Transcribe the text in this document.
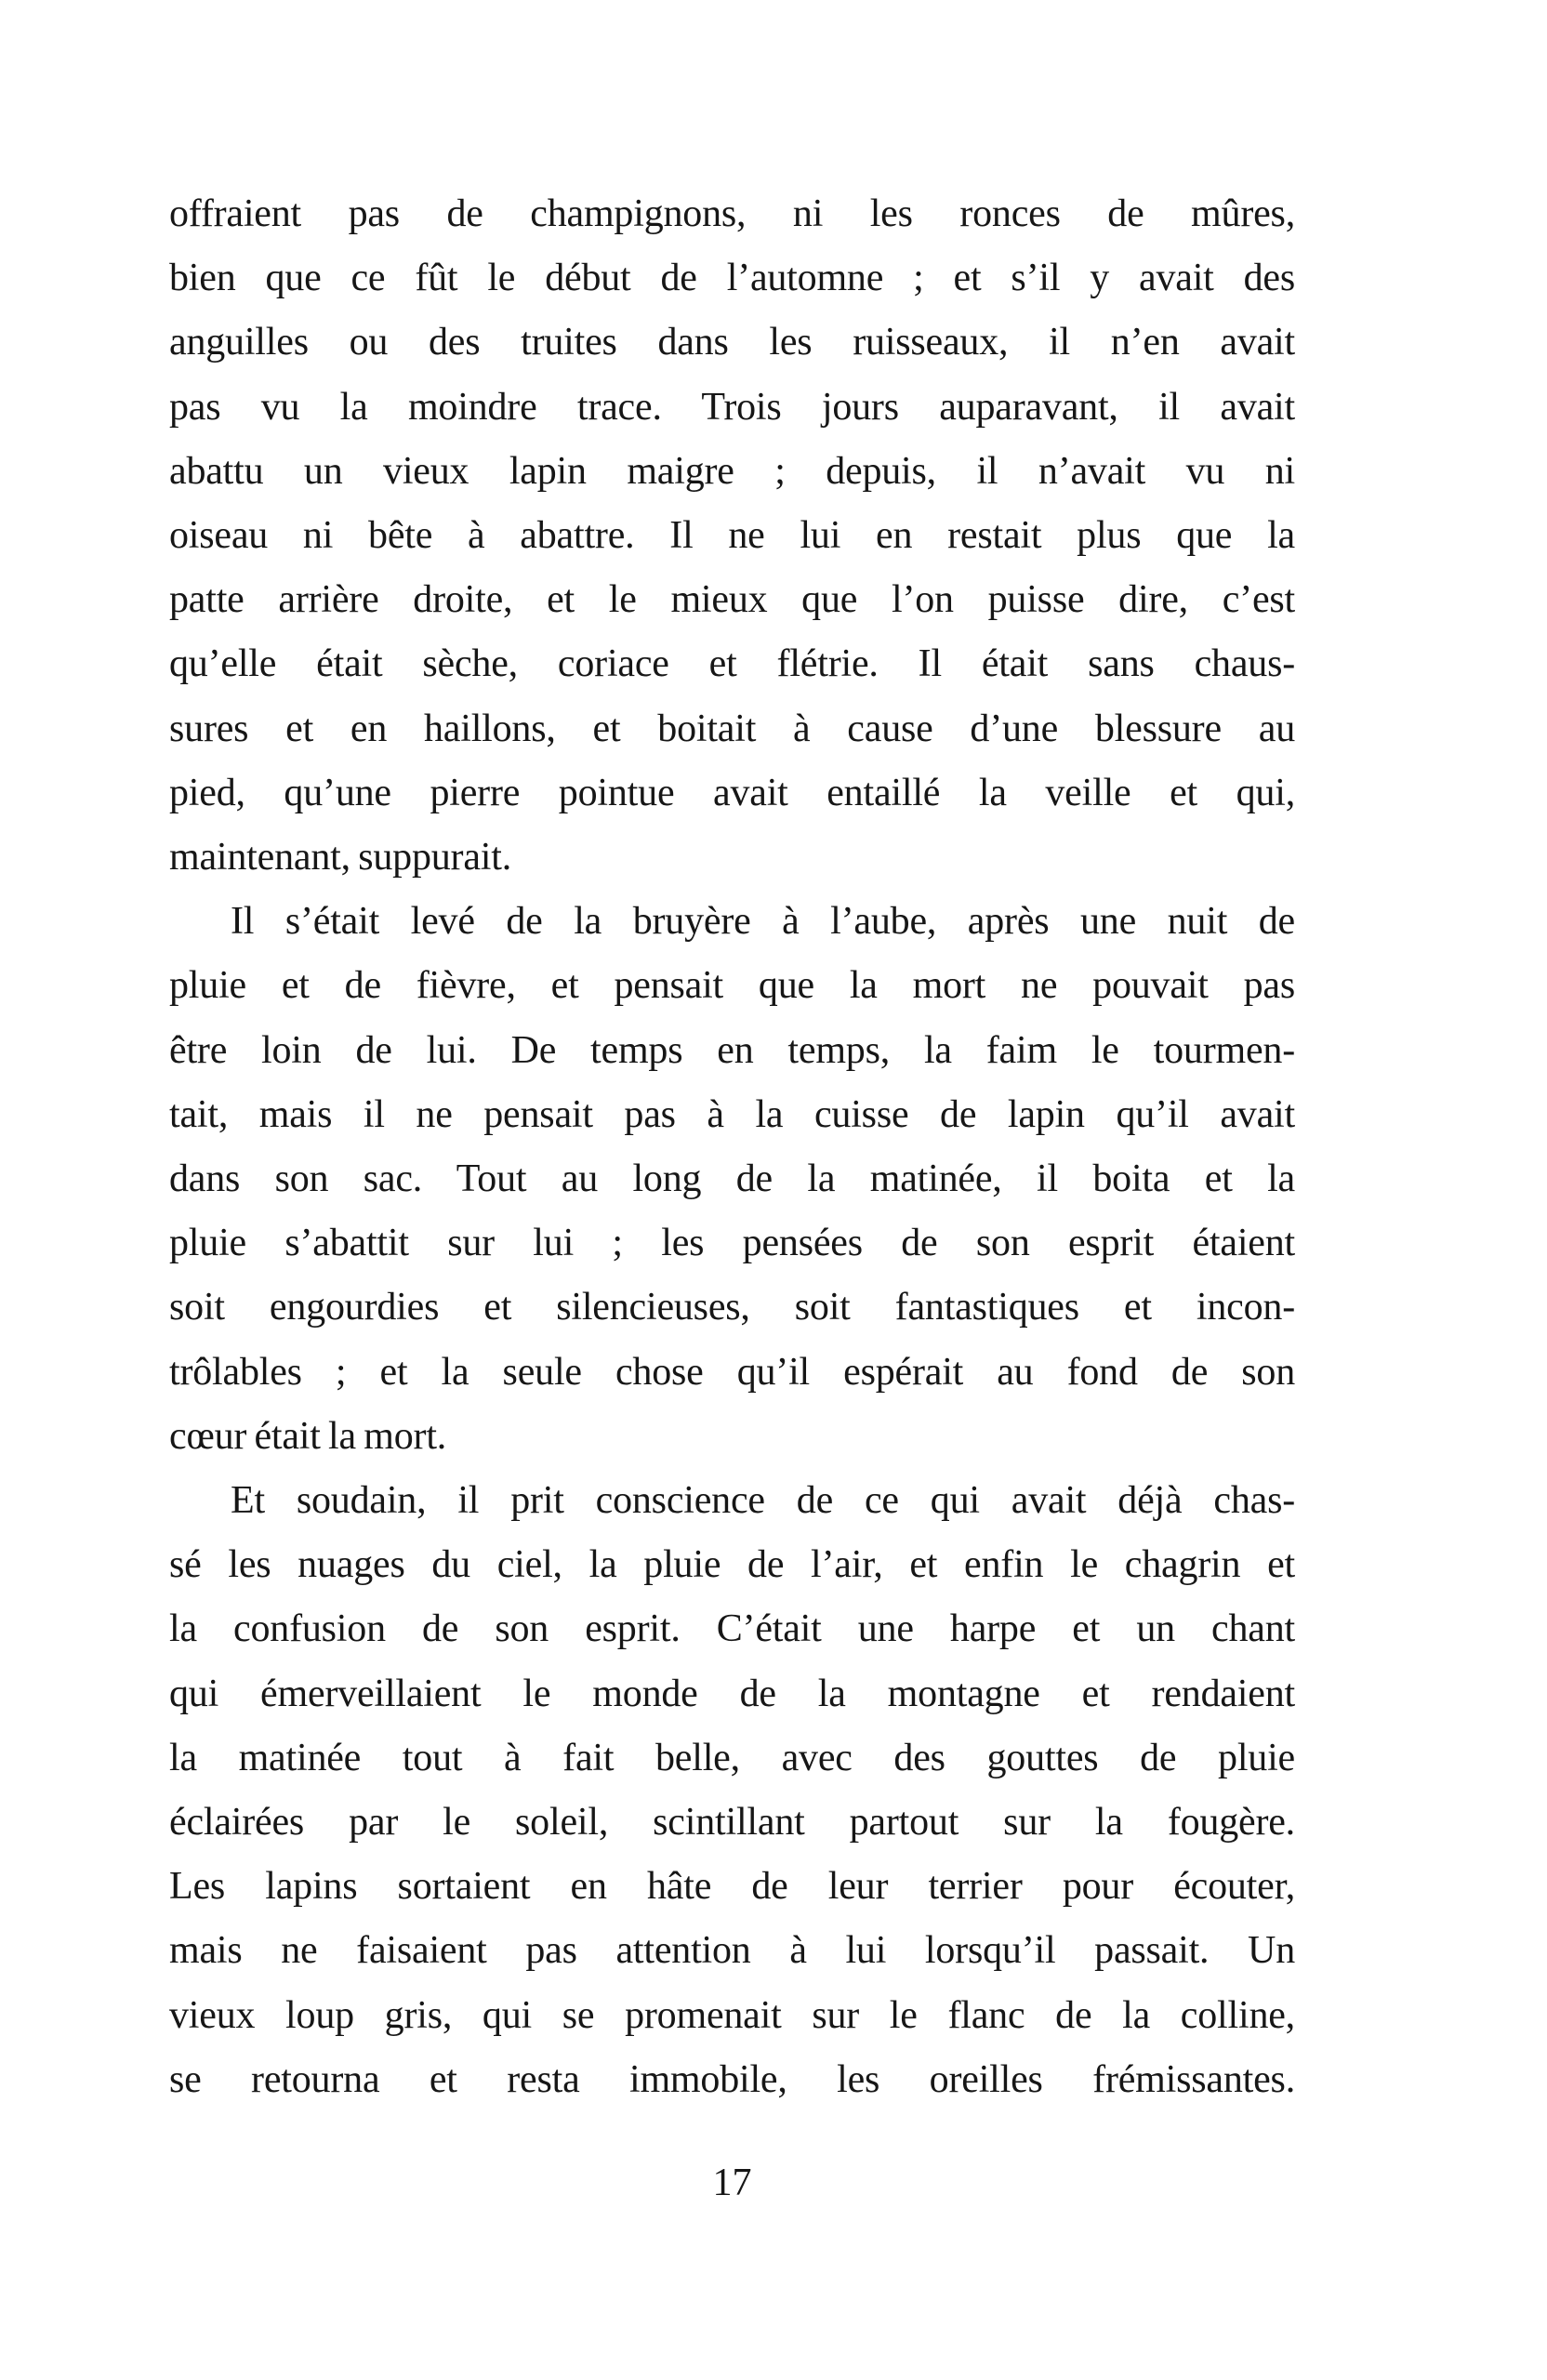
offraient pas de champignons, ni les ronces de mûres,
bien que ce fût le début de l’automne ; et s’il y avait des
anguilles ou des truites dans les ruisseaux, il n’en avait
pas vu la moindre trace. Trois jours auparavant, il avait
abattu un vieux lapin maigre ; depuis, il n’avait vu ni
oiseau ni bête à abattre. Il ne lui en restait plus que la
patte arrière droite, et le mieux que l’on puisse dire, c’est
qu’elle était sèche, coriace et flétrie. Il était sans chaus-
sures et en haillons, et boitait à cause d’une blessure au
pied, qu’une pierre pointue avait entaillé la veille et qui,
maintenant, suppurait.
Il s’était levé de la bruyère à l’aube, après une nuit de
pluie et de fièvre, et pensait que la mort ne pouvait pas
être loin de lui. De temps en temps, la faim le tourmen-
tait, mais il ne pensait pas à la cuisse de lapin qu’il avait
dans son sac. Tout au long de la matinée, il boita et la
pluie s’abattit sur lui ; les pensées de son esprit étaient
soit engourdies et silencieuses, soit fantastiques et incon-
trôlables ; et la seule chose qu’il espérait au fond de son
cœur était la mort.
Et soudain, il prit conscience de ce qui avait déjà chas-
sé les nuages du ciel, la pluie de l’air, et enfin le chagrin et
la confusion de son esprit. C’était une harpe et un chant
qui émerveillaient le monde de la montagne et rendaient
la matinée tout à fait belle, avec des gouttes de pluie
éclairées par le soleil, scintillant partout sur la fougère.
Les lapins sortaient en hâte de leur terrier pour écouter,
mais ne faisaient pas attention à lui lorsqu’il passait. Un
vieux loup gris, qui se promenait sur le flanc de la colline,
se retourna et resta immobile, les oreilles frémissantes.
17
